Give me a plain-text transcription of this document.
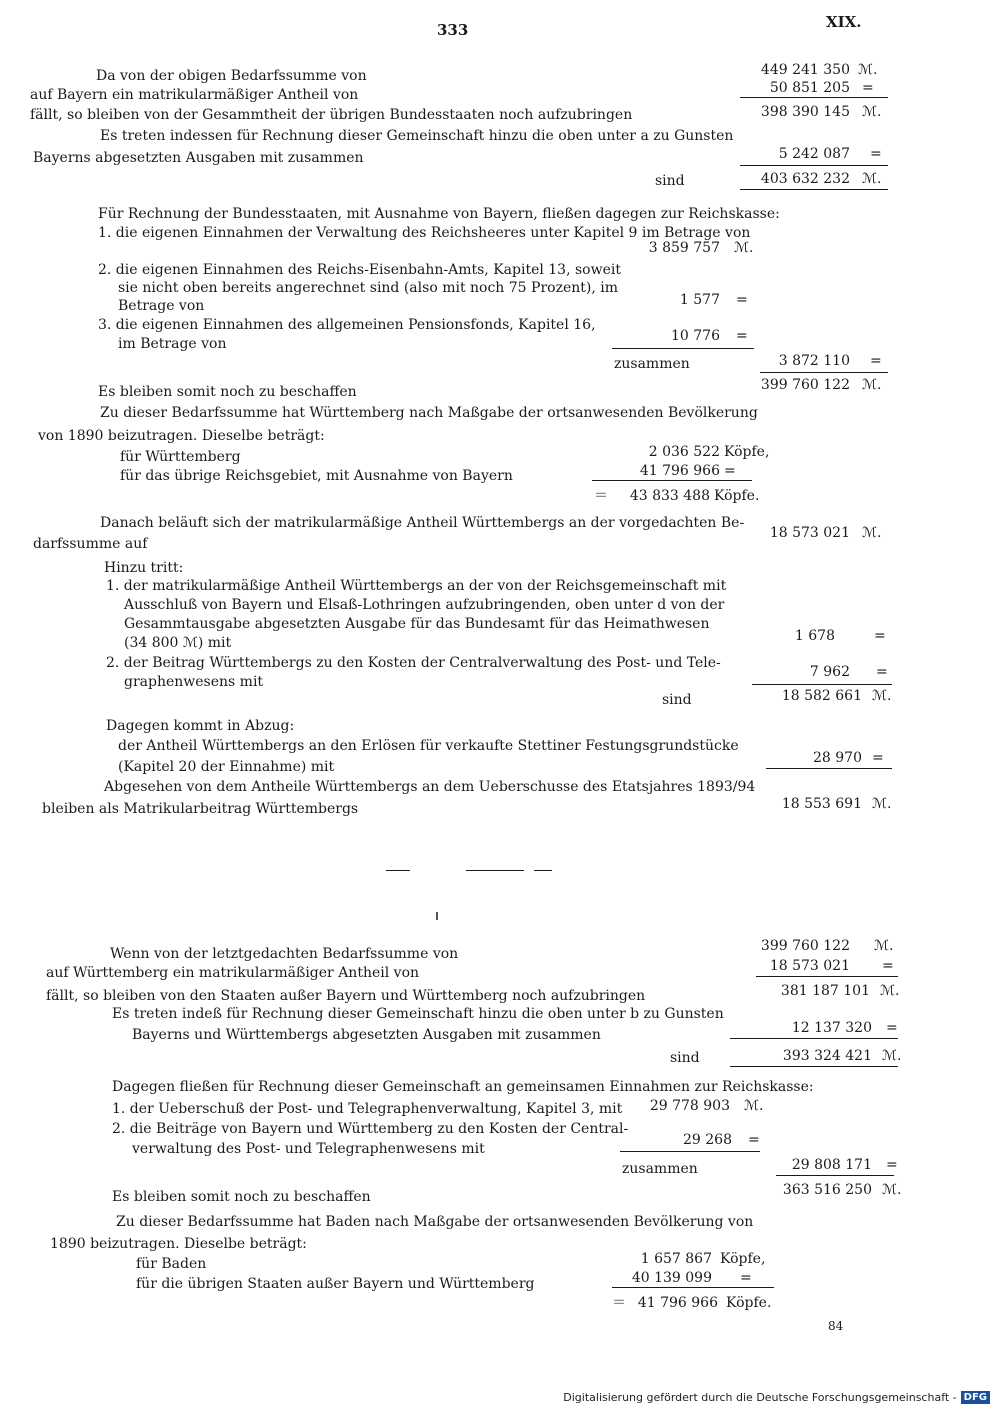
333	XIX.
Da von der obigen Bedarfssumme von	449 241 350 ℳ.
auf Bayern ein matrikularmäßiger Antheil von	50 851 205 =
fällt, so bleiben von der Gesammtheit der übrigen Bundesstaaten noch aufzubringen	398 390 145 ℳ.
Es treten indessen für Rechnung dieser Gemeinschaft hinzu die oben unter a zu Gunsten
Bayerns abgesetzten Ausgaben mit zusammen	5 242 087 =
sind	403 632 232 ℳ.
Für Rechnung der Bundesstaaten, mit Ausnahme von Bayern, fließen dagegen zur Reichskasse:
1. die eigenen Einnahmen der Verwaltung des Reichsheeres unter Kapitel 9 im Betrage von
3 859 757 ℳ.
2. die eigenen Einnahmen des Reichs-Eisenbahn-Amts, Kapitel 13, soweit
sie nicht oben bereits angerechnet sind (also mit noch 75 Prozent), im
Betrage von	1 577 =
3. die eigenen Einnahmen des allgemeinen Pensionsfonds, Kapitel 16,
im Betrage von	10 776 =
zusammen	3 872 110 =
Es bleiben somit noch zu beschaffen	399 760 122 ℳ.
Zu dieser Bedarfssumme hat Württemberg nach Maßgabe der ortsanwesenden Bevölkerung
von 1890 beizutragen. Dieselbe beträgt:
für Württemberg	2 036 522 Köpfe,
für das übrige Reichsgebiet, mit Ausnahme von Bayern	41 796 966 =
＝ 43 833 488 Köpfe.
Danach beläuft sich der matrikularmäßige Antheil Württembergs an der vorgedachten Be-
darfssumme auf
18 573 021 ℳ.
Hinzu tritt:
1. der matrikularmäßige Antheil Württembergs an der von der Reichsgemeinschaft mit
Ausschluß von Bayern und Elsaß-Lothringen aufzubringenden, oben unter d von der
Gesammtausgabe abgesetzten Ausgabe für das Bundesamt für das Heimathwesen
(34 800 ℳ) mit	1 678	=
2. der Beitrag Württembergs zu den Kosten der Centralverwaltung des Post- und Tele-
graphenwesens mit
7 962 =
sind	18 582 661 ℳ.
Dagegen kommt in Abzug:
der Antheil Württembergs an den Erlösen für verkaufte Stettiner Festungsgrundstücke
(Kapitel 20 der Einnahme) mit
28 970 =
Abgesehen von dem Antheile Württembergs an dem Ueberschusse des Etatsjahres 1893/94
bleiben als Matrikularbeitrag Württembergs	18 553 691 ℳ.
Wenn von der letztgedachten Bedarfssumme von	399 760 122 ℳ.
auf Württemberg ein matrikularmäßiger Antheil von	18 573 021 =
fällt, so bleiben von den Staaten außer Bayern und Württemberg noch aufzubringen	381 187 101 ℳ.
Es treten indeß für Rechnung dieser Gemeinschaft hinzu die oben unter b zu Gunsten
Bayerns und Württembergs abgesetzten Ausgaben mit zusammen	12 137 320 =
sind	393 324 421 ℳ.
Dagegen fließen für Rechnung dieser Gemeinschaft an gemeinsamen Einnahmen zur Reichskasse:
1. der Ueberschuß der Post- und Telegraphenverwaltung, Kapitel 3, mit 29 778 903 ℳ.
2. die Beiträge von Bayern und Württemberg zu den Kosten der Central-
verwaltung des Post- und Telegraphenwesens mit
29 268 =
zusammen	29 808 171 =
Es bleiben somit noch zu beschaffen	363 516 250 ℳ.
Zu dieser Bedarfssumme hat Baden nach Maßgabe der ortsanwesenden Bevölkerung von
1890 beizutragen. Dieselbe beträgt:
für Baden	1 657 867 Köpfe,
für die übrigen Staaten außer Bayern und Württemberg	40 139 099 =
＝ 41 796 966 Köpfe.
84
Digitalisierung gefördert durch die Deutsche Forschungsgemeinschaft - DFG
